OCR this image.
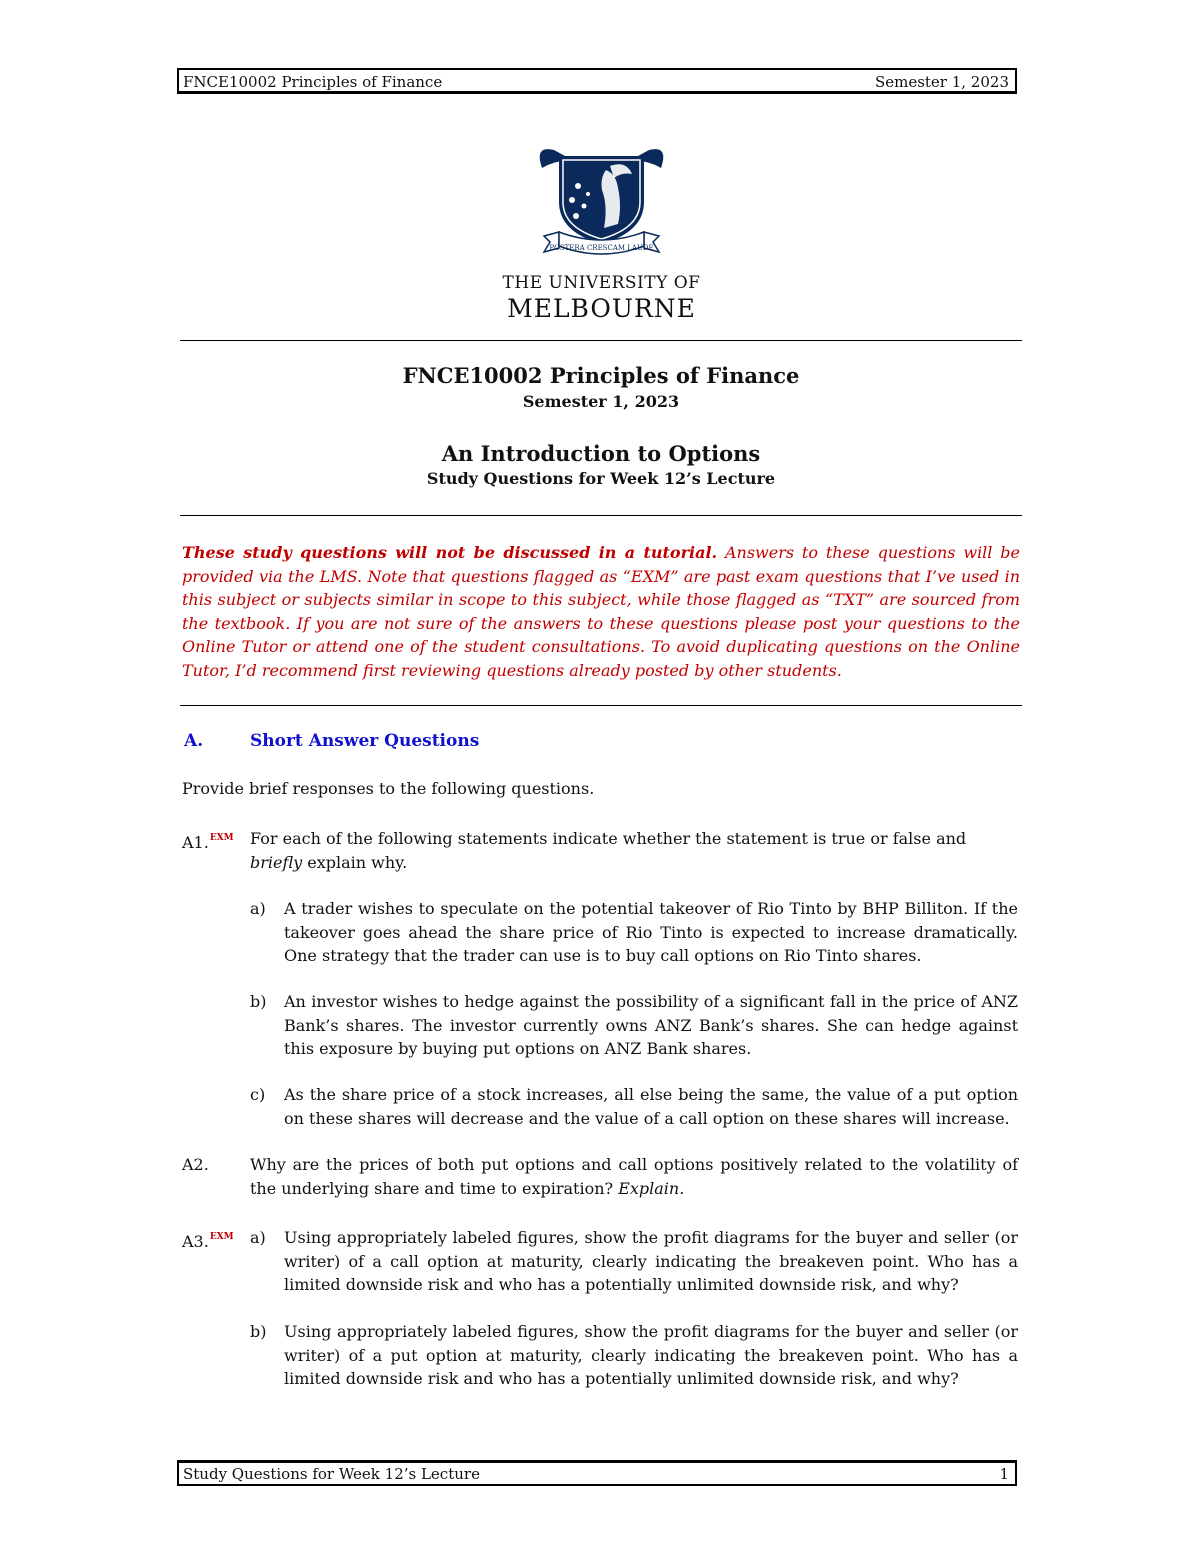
FNCE10002 Principles of Finance	Semester 1, 2023
POSTERA CRESCAM LAUDE
THE UNIVERSITY OF
MELBOURNE
FNCE10002 Principles of Finance
Semester 1, 2023
An Introduction to Options
Study Questions for Week 12’s Lecture

These study questions will not be discussed in a tutorial. Answers to these questions will be provided via the LMS. Note that questions flagged as “EXM” are past exam questions that I’ve used in this subject or subjects similar in scope to this subject, while those flagged as “TXT” are sourced from the textbook. If you are not sure of the answers to these questions please post your questions to the Online Tutor or attend one of the student consultations. To avoid duplicating questions on the Online Tutor, I’d recommend first reviewing questions already posted by other students.

A.	Short Answer Questions

Provide brief responses to the following questions.

A1.$^{EXM}$ For each of the following statements indicate whether the statement is true or false and briefly explain why.

a) A trader wishes to speculate on the potential takeover of Rio Tinto by BHP Billiton. If the takeover goes ahead the share price of Rio Tinto is expected to increase dramatically. One strategy that the trader can use is to buy call options on Rio Tinto shares.

b) An investor wishes to hedge against the possibility of a significant fall in the price of ANZ Bank’s shares. The investor currently owns ANZ Bank’s shares. She can hedge against this exposure by buying put options on ANZ Bank shares.

c) As the share price of a stock increases, all else being the same, the value of a put option on these shares will decrease and the value of a call option on these shares will increase.

A2.	Why are the prices of both put options and call options positively related to the volatility of the underlying share and time to expiration? Explain.

A3.$^{EXM}$ a) Using appropriately labeled figures, show the profit diagrams for the buyer and seller (or writer) of a call option at maturity, clearly indicating the breakeven point. Who has a limited downside risk and who has a potentially unlimited downside risk, and why?

b) Using appropriately labeled figures, show the profit diagrams for the buyer and seller (or writer) of a put option at maturity, clearly indicating the breakeven point. Who has a limited downside risk and who has a potentially unlimited downside risk, and why?

Study Questions for Week 12’s Lecture	1
